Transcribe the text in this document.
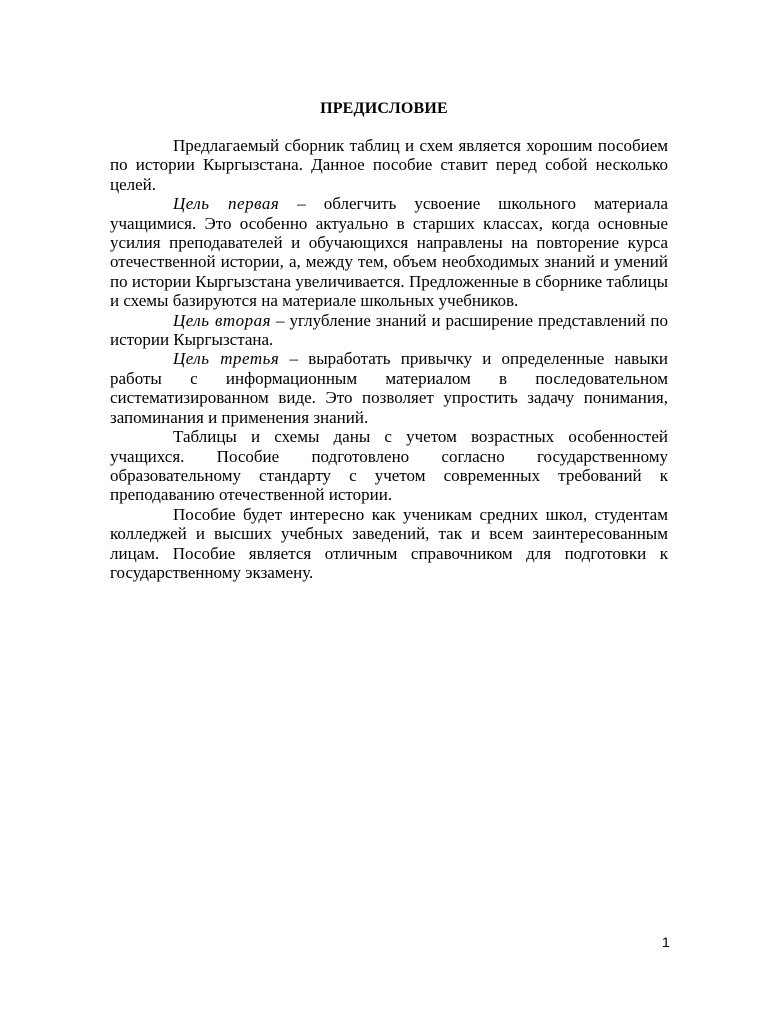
ПРЕДИСЛОВИЕ

Предлагаемый сборник таблиц и схем является хорошим пособием по истории Кыргызстана. Данное пособие ставит перед собой несколько целей.

Цель первая – облегчить усвоение школьного материала учащимися. Это особенно актуально в старших классах, когда основные усилия преподавателей и обучающихся направлены на повторение курса отечественной истории, а, между тем, объем необходимых знаний и умений по истории Кыргызстана увеличивается. Предложенные в сборнике таблицы и схемы базируются на материале школьных учебников.

Цель вторая – углубление знаний и расширение представлений по истории Кыргызстана.

Цель третья – выработать привычку и определенные навыки работы с информационным материалом в последовательном систематизированном виде. Это позволяет упростить задачу понимания, запоминания и применения знаний.

Таблицы и схемы даны с учетом возрастных особенностей учащихся. Пособие подготовлено согласно государственному образовательному стандарту с учетом современных требований к преподаванию отечественной истории.

Пособие будет интересно как ученикам средних школ, студентам колледжей и высших учебных заведений, так и всем заинтересованным лицам. Пособие является отличным справочником для подготовки к государственному экзамену.

1
